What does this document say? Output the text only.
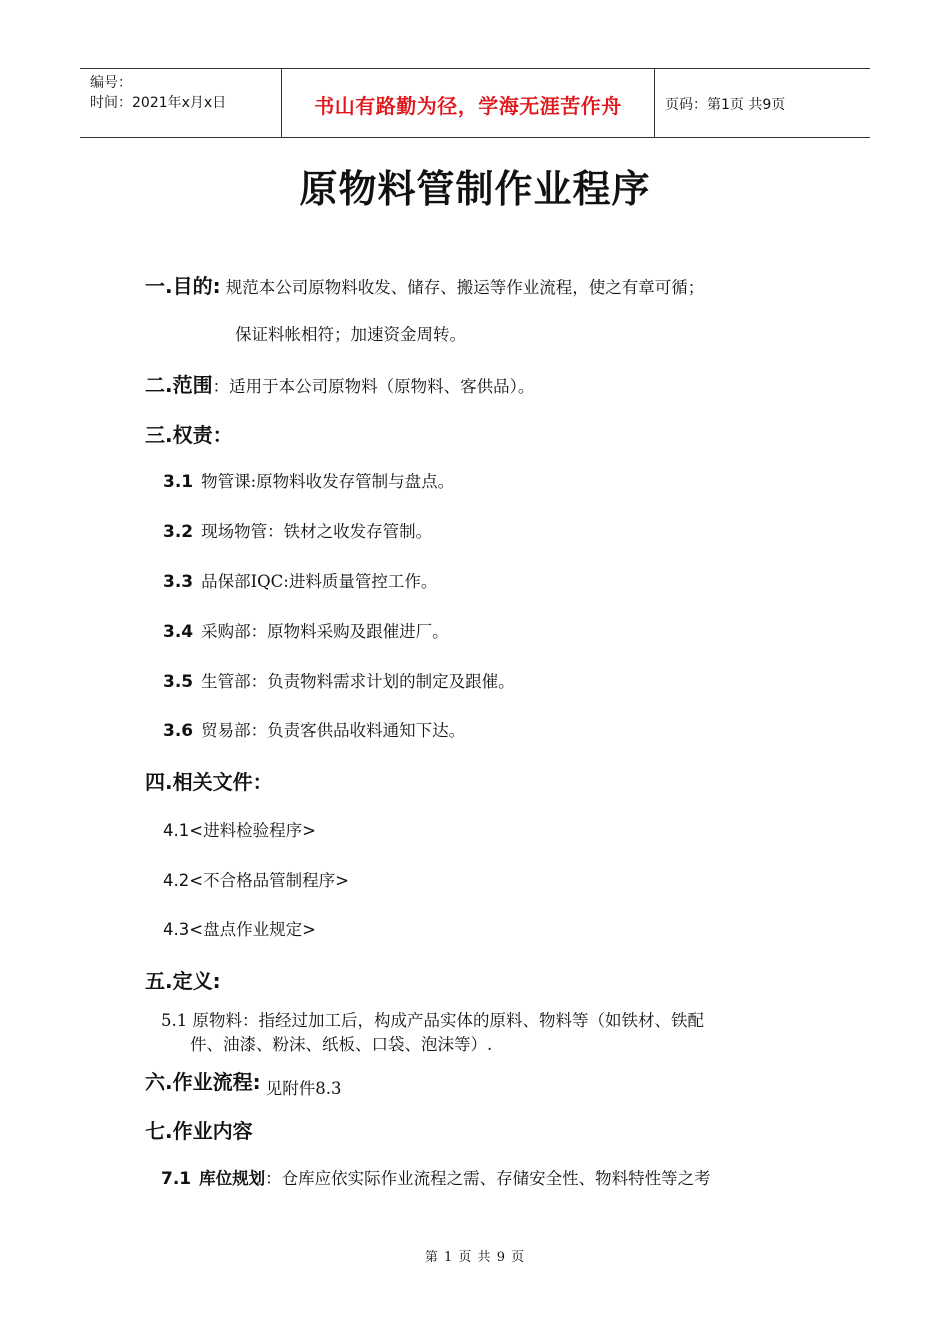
编号：
时间：2021年x月x日	书山有路勤为径，学海无涯苦作舟	页码：第1页 共9页
原物料管制作业程序
一.目的: 规范本公司原物料收发、储存、搬运等作业流程，使之有章可循；
保证料帐相符；加速资金周转。
二.范围：适用于本公司原物料（原物料、客供品）。
三.权责：
3.1 物管课:原物料收发存管制与盘点。
3.2 现场物管：铁材之收发存管制。
3.3 品保部IQC:进料质量管控工作。
3.4 采购部：原物料采购及跟催进厂。
3.5 生管部：负责物料需求计划的制定及跟催。
3.6 贸易部：负责客供品收料通知下达。
四.相关文件：
4.1<进料检验程序>
4.2<不合格品管制程序>
4.3<盘点作业规定>
五.定义:
5.1 原物料：指经过加工后，构成产品实体的原料、物料等（如铁材、铁配
件、油漆、粉沫、纸板、口袋、泡沫等）.
六.作业流程: 见附件8.3
七.作业内容
7.1 库位规划：仓库应依实际作业流程之需、存储安全性、物料特性等之考
第 1 页 共 9 页
